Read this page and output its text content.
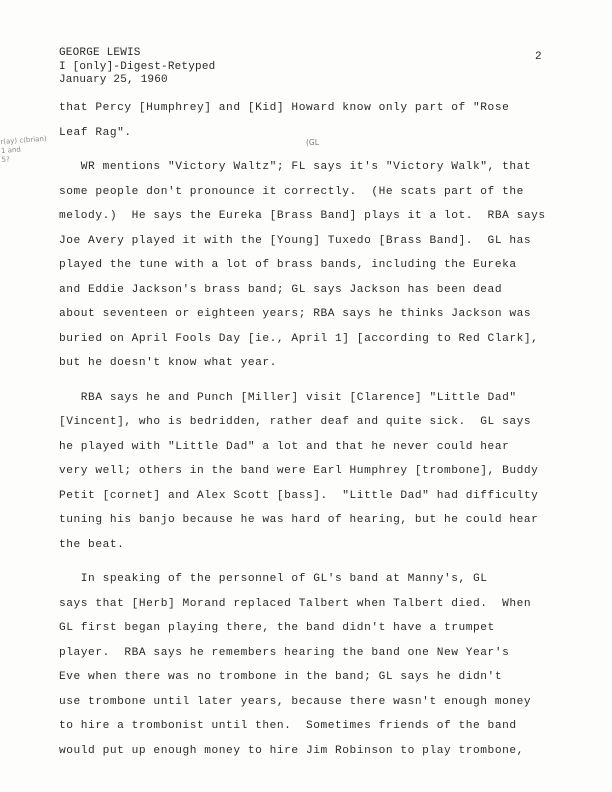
GEORGE LEWIS
I [only]-Digest-Retyped
January 25, 1960
2
r(ay) c(brian)
1 and
5?
(GL
that Percy [Humphrey] and [Kid] Howard know only part of "Rose
Leaf Rag".
WR mentions "Victory Waltz"; FL says it's "Victory Walk", that
some people don't pronounce it correctly.  (He scats part of the
melody.)  He says the Eureka [Brass Band] plays it a lot.  RBA says
Joe Avery played it with the [Young] Tuxedo [Brass Band].  GL has
played the tune with a lot of brass bands, including the Eureka
and Eddie Jackson's brass band; GL says Jackson has been dead
about seventeen or eighteen years; RBA says he thinks Jackson was
buried on April Fools Day [ie., April 1] [according to Red Clark],
but he doesn't know what year.
RBA says he and Punch [Miller] visit [Clarence] "Little Dad"
[Vincent], who is bedridden, rather deaf and quite sick.  GL says
he played with "Little Dad" a lot and that he never could hear
very well; others in the band were Earl Humphrey [trombone], Buddy
Petit [cornet] and Alex Scott [bass].  "Little Dad" had difficulty
tuning his banjo because he was hard of hearing, but he could hear
the beat.
In speaking of the personnel of GL's band at Manny's, GL
says that [Herb] Morand replaced Talbert when Talbert died.  When
GL first began playing there, the band didn't have a trumpet
player.  RBA says he remembers hearing the band one New Year's
Eve when there was no trombone in the band; GL says he didn't
use trombone until later years, because there wasn't enough money
to hire a trombonist until then.  Sometimes friends of the band
would put up enough money to hire Jim Robinson to play trombone,
